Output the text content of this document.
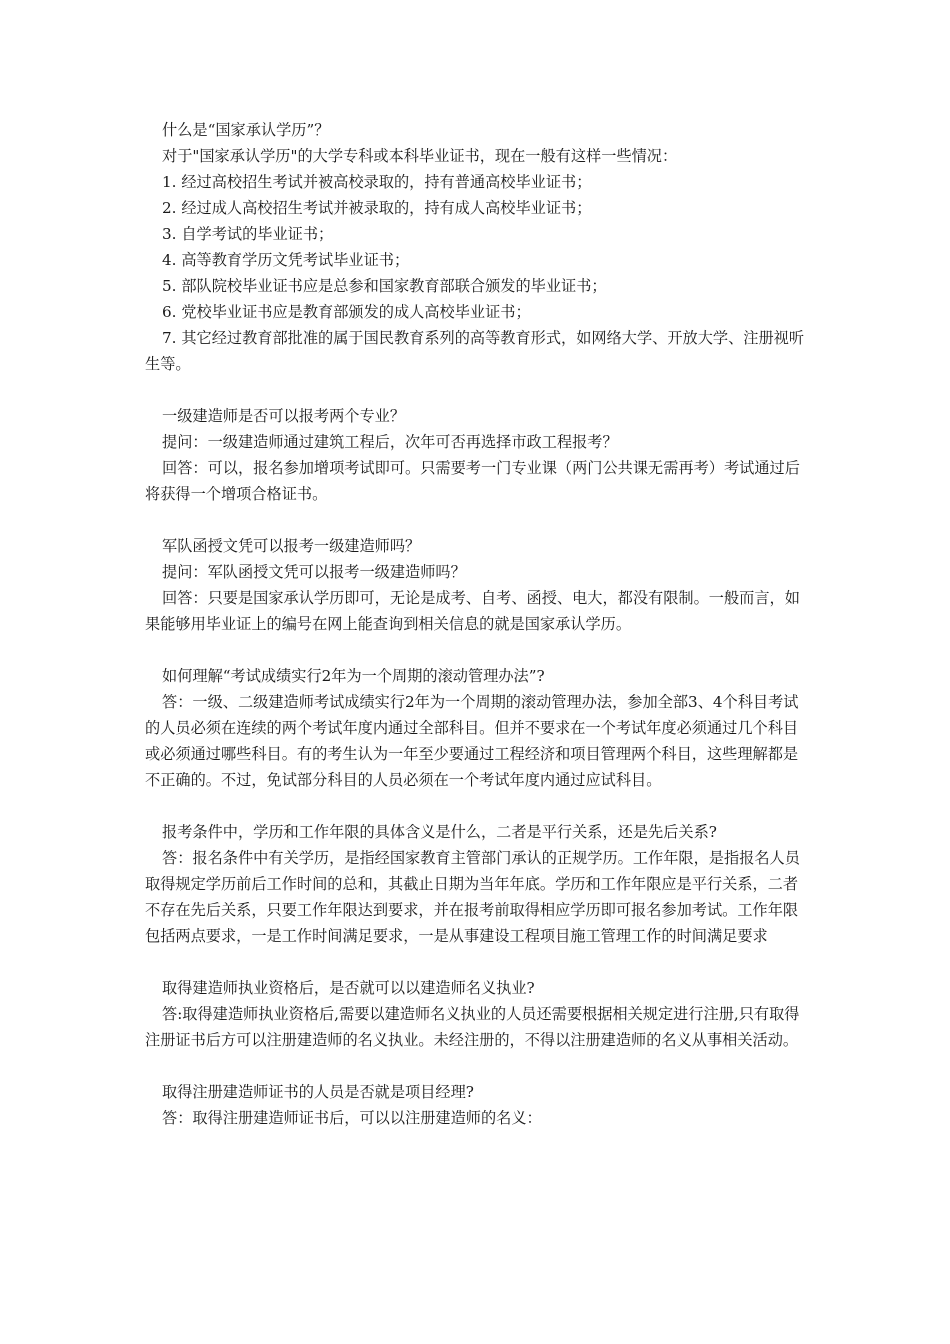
什么是“国家承认学历”？

对于"国家承认学历"的大学专科或本科毕业证书，现在一般有这样一些情况：

1. 经过高校招生考试并被高校录取的，持有普通高校毕业证书；

2. 经过成人高校招生考试并被录取的，持有成人高校毕业证书；

3. 自学考试的毕业证书；

4. 高等教育学历文凭考试毕业证书；

5. 部队院校毕业证书应是总参和国家教育部联合颁发的毕业证书；

6. 党校毕业证书应是教育部颁发的成人高校毕业证书；

7. 其它经过教育部批准的属于国民教育系列的高等教育形式，如网络大学、开放大学、注册视听生等。

一级建造师是否可以报考两个专业？

提问：一级建造师通过建筑工程后，次年可否再选择市政工程报考？

回答：可以，报名参加增项考试即可。只需要考一门专业课（两门公共课无需再考）考试通过后将获得一个增项合格证书。

军队函授文凭可以报考一级建造师吗？

提问：军队函授文凭可以报考一级建造师吗？

回答：只要是国家承认学历即可，无论是成考、自考、函授、电大，都没有限制。一般而言，如果能够用毕业证上的编号在网上能查询到相关信息的就是国家承认学历。

如何理解“考试成绩实行2年为一个周期的滚动管理办法”?

答：一级、二级建造师考试成绩实行2年为一个周期的滚动管理办法，参加全部3、4个科目考试的人员必须在连续的两个考试年度内通过全部科目。但并不要求在一个考试年度必须通过几个科目或必须通过哪些科目。有的考生认为一年至少要通过工程经济和项目管理两个科目，这些理解都是不正确的。不过，免试部分科目的人员必须在一个考试年度内通过应试科目。

报考条件中，学历和工作年限的具体含义是什么，二者是平行关系，还是先后关系?

答：报名条件中有关学历，是指经国家教育主管部门承认的正规学历。工作年限，是指报名人员取得规定学历前后工作时间的总和，其截止日期为当年年底。学历和工作年限应是平行关系，二者不存在先后关系，只要工作年限达到要求，并在报考前取得相应学历即可报名参加考试。工作年限包括两点要求，一是工作时间满足要求，一是从事建设工程项目施工管理工作的时间满足要求

取得建造师执业资格后，是否就可以以建造师名义执业?

答:取得建造师执业资格后,需要以建造师名义执业的人员还需要根据相关规定进行注册,只有取得注册证书后方可以注册建造师的名义执业。未经注册的，不得以注册建造师的名义从事相关活动。

取得注册建造师证书的人员是否就是项目经理?

答：取得注册建造师证书后，可以以注册建造师的名义：
